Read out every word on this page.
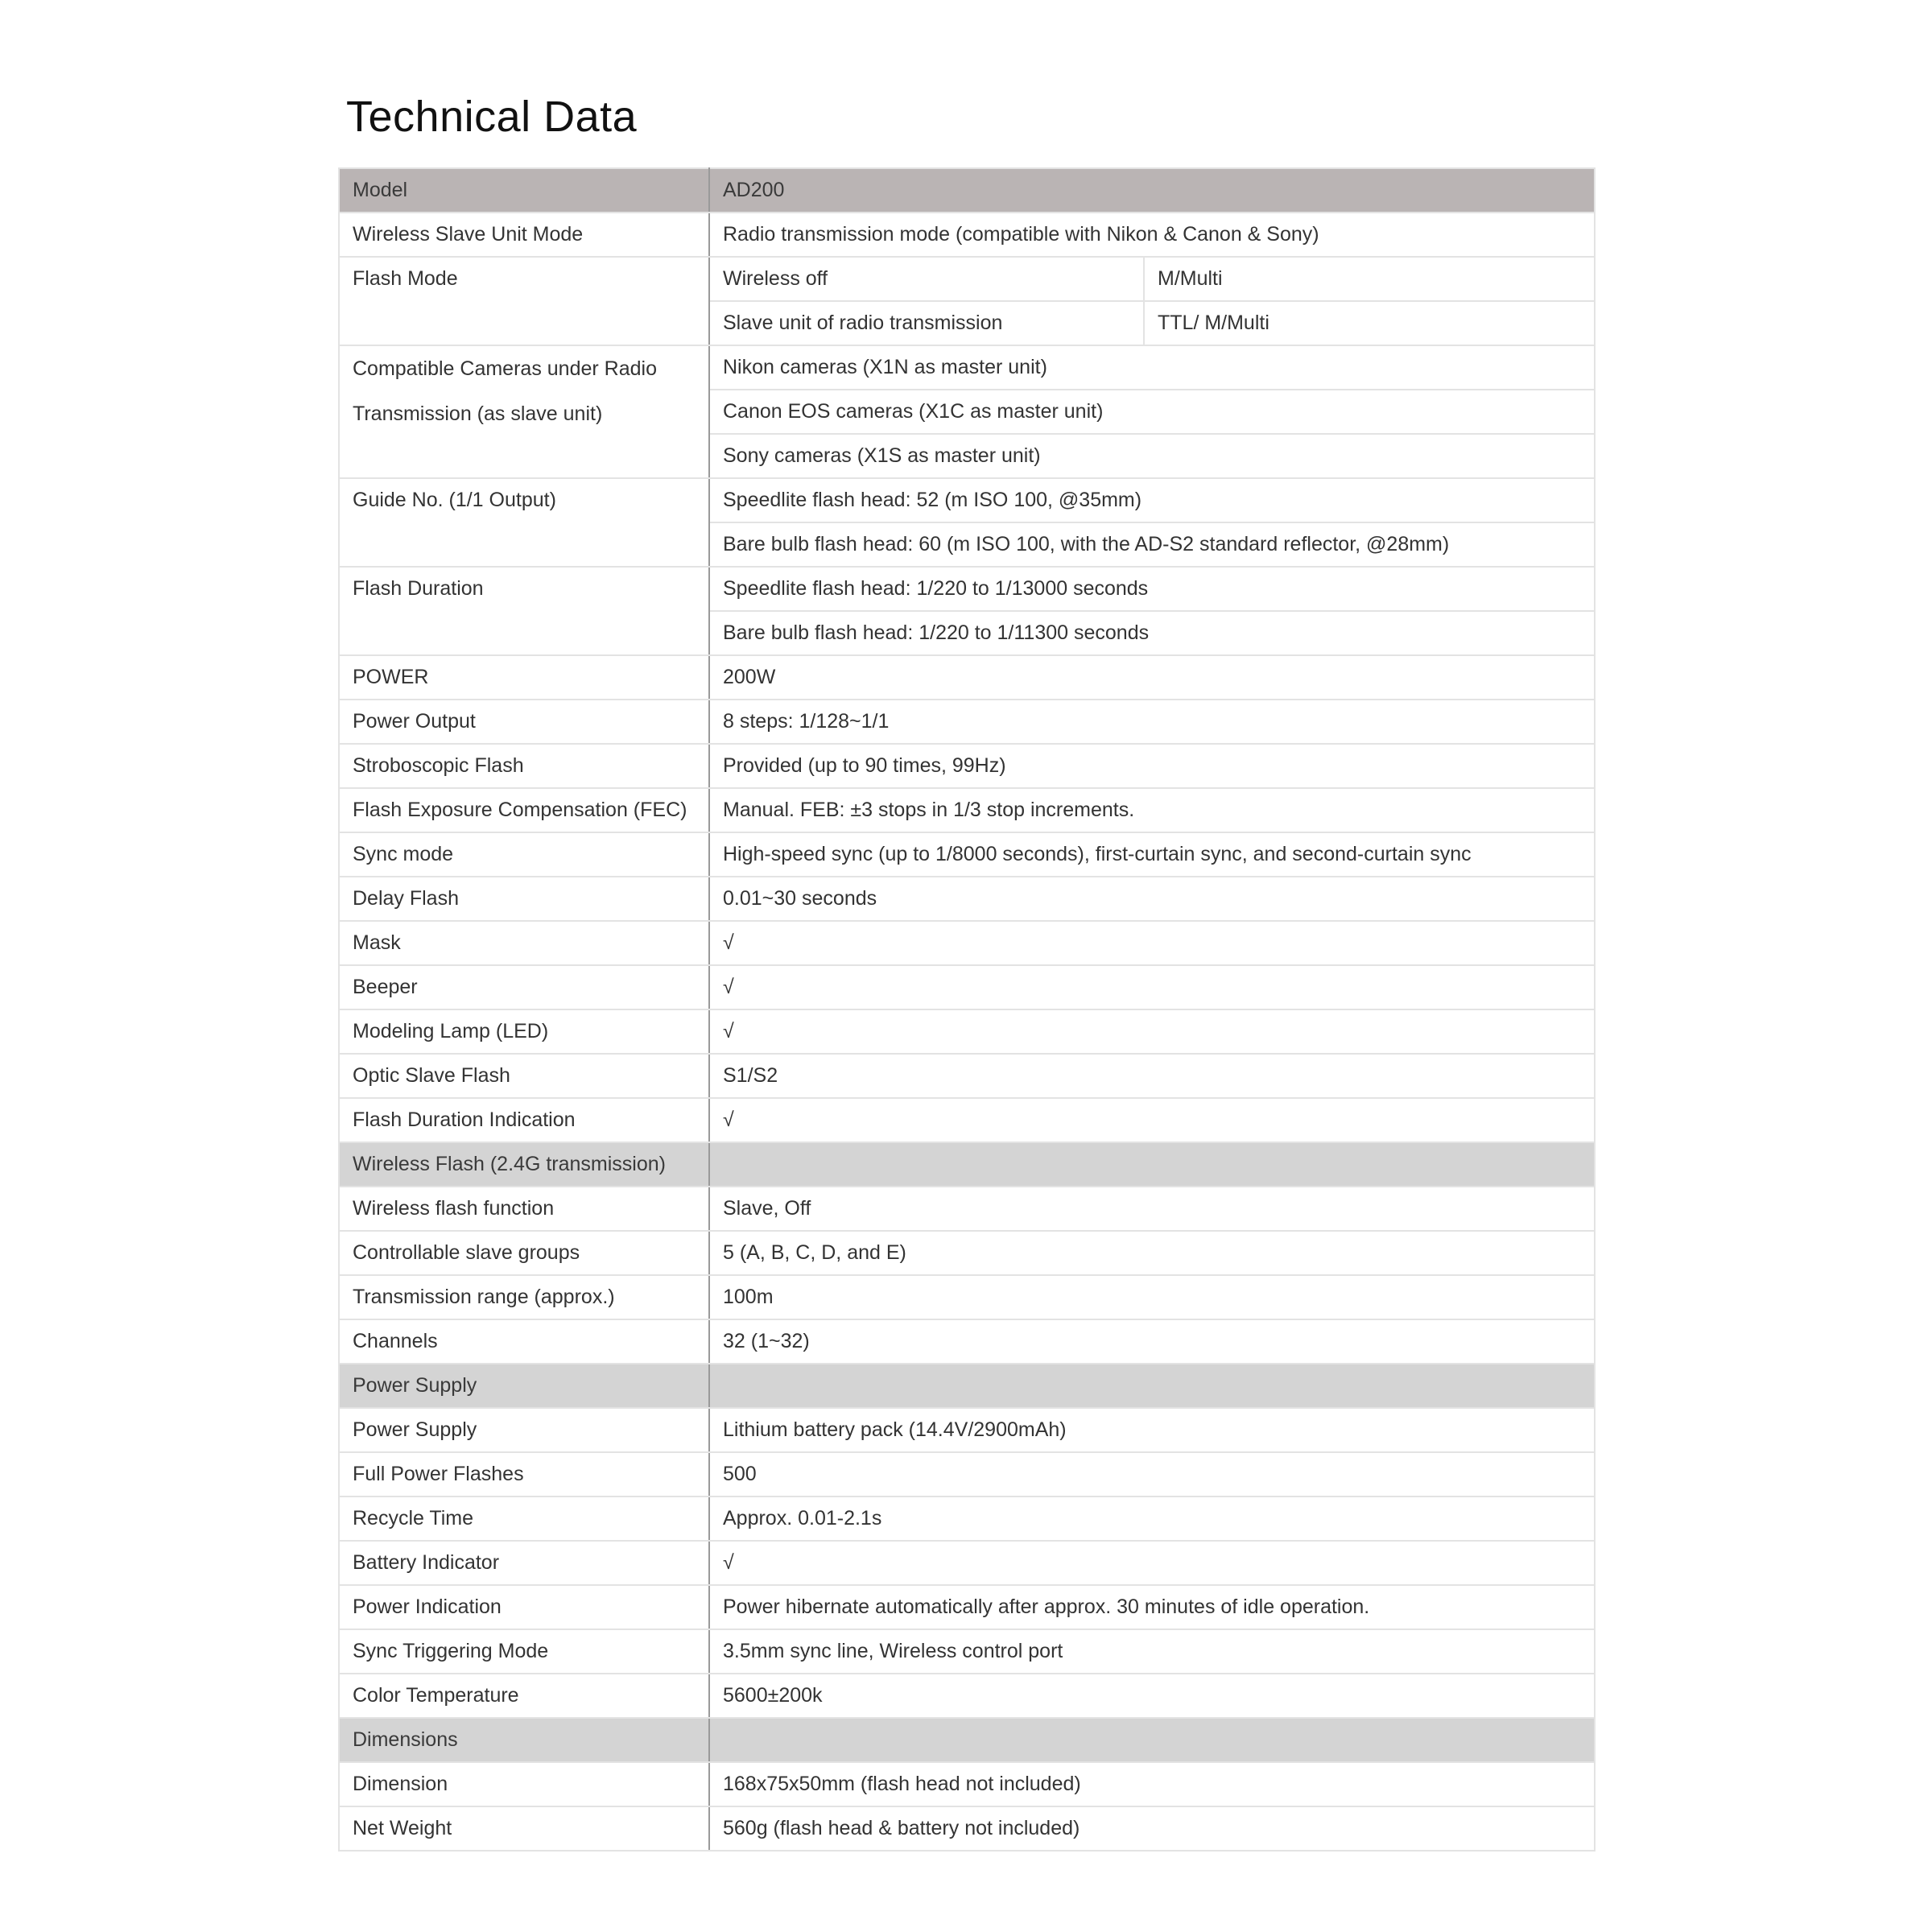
Technical Data
Model	AD200	
Wireless Slave Unit Mode	Radio transmission mode (compatible with Nikon & Canon & Sony)	
Flash Mode	Wireless off	M/Multi
	Slave unit of radio transmission	TTL/ M/Multi

Compatible Cameras under Radio
Transmission (as slave unit)	Nikon cameras (X1N as master unit)	
	Canon EOS cameras (X1C as master unit)	
	Sony cameras (X1S as master unit)	
Guide No. (1/1 Output)	Speedlite flash head: 52 (m ISO 100, @35mm)	
	Bare bulb flash head: 60 (m ISO 100, with the AD-S2 standard reflector, @28mm)	
Flash Duration	Speedlite flash head: 1/220 to 1/13000 seconds	
	Bare bulb flash head: 1/220 to 1/11300 seconds	
POWER	200W	
Power Output	8 steps: 1/128~1/1	
Stroboscopic Flash	Provided (up to 90 times, 99Hz)	
Flash Exposure Compensation (FEC)	Manual. FEB: ±3 stops in 1/3 stop increments.	
Sync mode	High-speed sync (up to 1/8000 seconds), first-curtain sync, and second-curtain sync	
Delay Flash	0.01~30 seconds	
Mask	√	
Beeper	√	
Modeling Lamp (LED)	√	
Optic Slave Flash	S1/S2	
Flash Duration Indication	√	
Wireless Flash (2.4G transmission)		
Wireless flash function	Slave, Off	
Controllable slave groups	5 (A, B, C, D, and E)	
Transmission range (approx.)	100m	
Channels	32 (1~32)	
Power Supply		
Power Supply	Lithium battery pack (14.4V/2900mAh)	
Full Power Flashes	500	
Recycle Time	Approx. 0.01-2.1s	
Battery Indicator	√	
Power Indication	Power hibernate automatically after approx. 30 minutes of idle operation.	
Sync Triggering Mode	3.5mm sync line, Wireless control port	
Color Temperature	5600±200k	
Dimensions		
Dimension	168x75x50mm (flash head not included)	
Net Weight	560g (flash head & battery not included)	
